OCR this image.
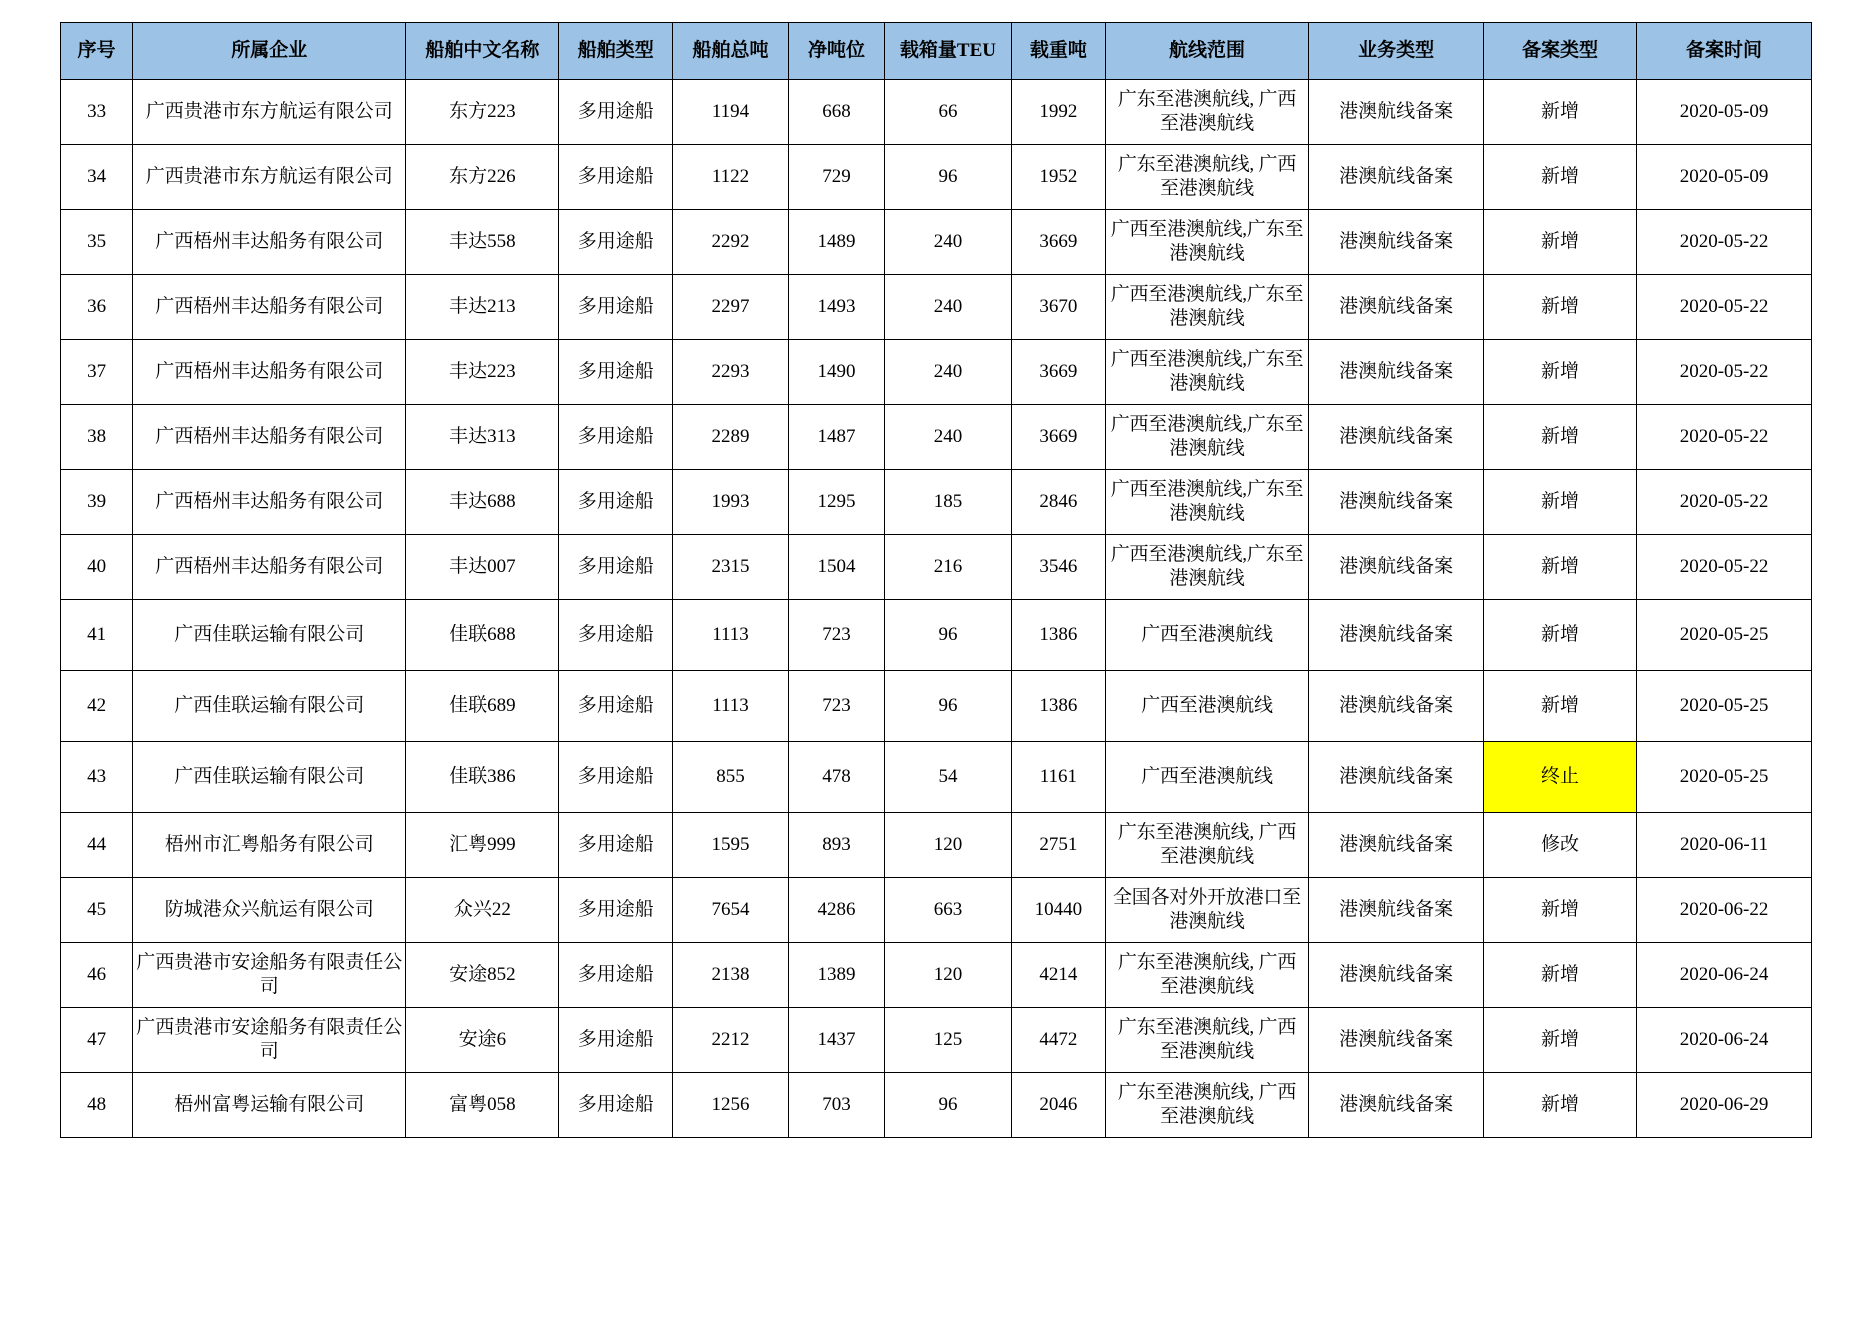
序号	所属企业	船舶中文名称	船舶类型	船舶总吨	净吨位	载箱量TEU	载重吨	航线范围	业务类型	备案类型	备案时间
33	广西贵港市东方航运有限公司	东方223	多用途船	1194	668	66	1992	广东至港澳航线, 广西至港澳航线	港澳航线备案	新增	2020-05-09
34	广西贵港市东方航运有限公司	东方226	多用途船	1122	729	96	1952	广东至港澳航线, 广西至港澳航线	港澳航线备案	新增	2020-05-09
35	广西梧州丰达船务有限公司	丰达558	多用途船	2292	1489	240	3669	广西至港澳航线,广东至港澳航线	港澳航线备案	新增	2020-05-22
36	广西梧州丰达船务有限公司	丰达213	多用途船	2297	1493	240	3670	广西至港澳航线,广东至港澳航线	港澳航线备案	新增	2020-05-22
37	广西梧州丰达船务有限公司	丰达223	多用途船	2293	1490	240	3669	广西至港澳航线,广东至港澳航线	港澳航线备案	新增	2020-05-22
38	广西梧州丰达船务有限公司	丰达313	多用途船	2289	1487	240	3669	广西至港澳航线,广东至港澳航线	港澳航线备案	新增	2020-05-22
39	广西梧州丰达船务有限公司	丰达688	多用途船	1993	1295	185	2846	广西至港澳航线,广东至港澳航线	港澳航线备案	新增	2020-05-22
40	广西梧州丰达船务有限公司	丰达007	多用途船	2315	1504	216	3546	广西至港澳航线,广东至港澳航线	港澳航线备案	新增	2020-05-22
41	广西佳联运输有限公司	佳联688	多用途船	1113	723	96	1386	广西至港澳航线	港澳航线备案	新增	2020-05-25
42	广西佳联运输有限公司	佳联689	多用途船	1113	723	96	1386	广西至港澳航线	港澳航线备案	新增	2020-05-25
43	广西佳联运输有限公司	佳联386	多用途船	855	478	54	1161	广西至港澳航线	港澳航线备案	终止	2020-05-25
44	梧州市汇粤船务有限公司	汇粤999	多用途船	1595	893	120	2751	广东至港澳航线, 广西至港澳航线	港澳航线备案	修改	2020-06-11
45	防城港众兴航运有限公司	众兴22	多用途船	7654	4286	663	10440	全国各对外开放港口至港澳航线	港澳航线备案	新增	2020-06-22
46	广西贵港市安途船务有限责任公司	安途852	多用途船	2138	1389	120	4214	广东至港澳航线, 广西至港澳航线	港澳航线备案	新增	2020-06-24
47	广西贵港市安途船务有限责任公司	安途6	多用途船	2212	1437	125	4472	广东至港澳航线, 广西至港澳航线	港澳航线备案	新增	2020-06-24
48	梧州富粤运输有限公司	富粤058	多用途船	1256	703	96	2046	广东至港澳航线, 广西至港澳航线	港澳航线备案	新增	2020-06-29
